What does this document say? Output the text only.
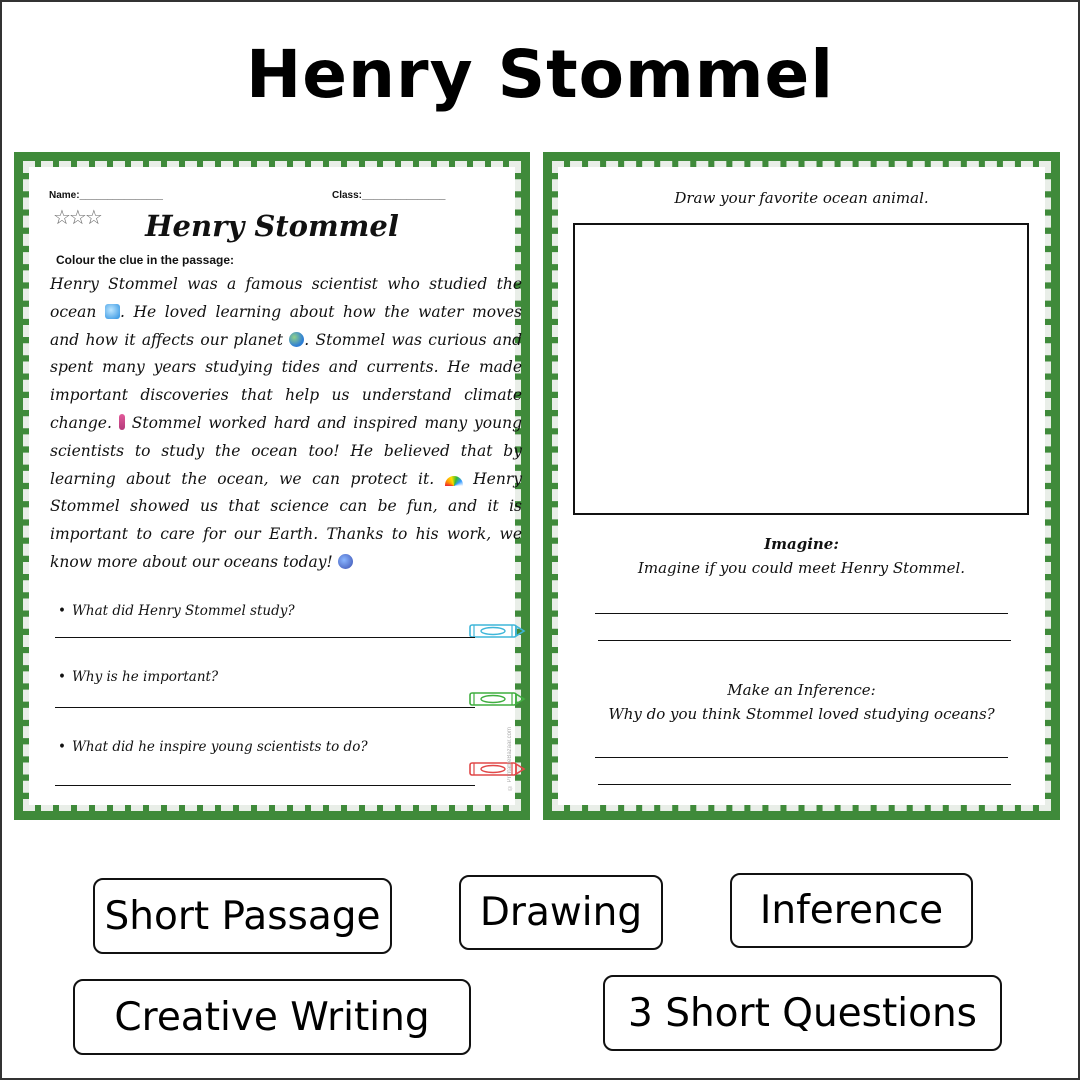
Henry Stommel
Name:_______________	Class:_______________
☆☆☆	Henry Stommel
Colour the clue in the passage:
Henry Stommel was a famous scientist who studied the ocean . He loved learning about how the water moves and how it affects our planet . Stommel was curious and spent many years studying tides and currents. He made important discoveries that help us understand climate change.  Stommel worked hard and inspired many young scientists to study the ocean too! He believed that by learning about the ocean, we can protect it.  Henry Stommel showed us that science can be fun, and it is important to care for our Earth. Thanks to his work, we know more about our oceans today!
• What did Henry Stommel study?
• Why is he important?
• What did he inspire young scientists to do?	© PrintableBazaar.com
Draw your favorite ocean animal.
Imagine:
Imagine if you could meet Henry Stommel.
Make an Inference:
Why do you think Stommel loved studying oceans?
Short Passage	Drawing	Inference
Creative Writing	3 Short Questions
